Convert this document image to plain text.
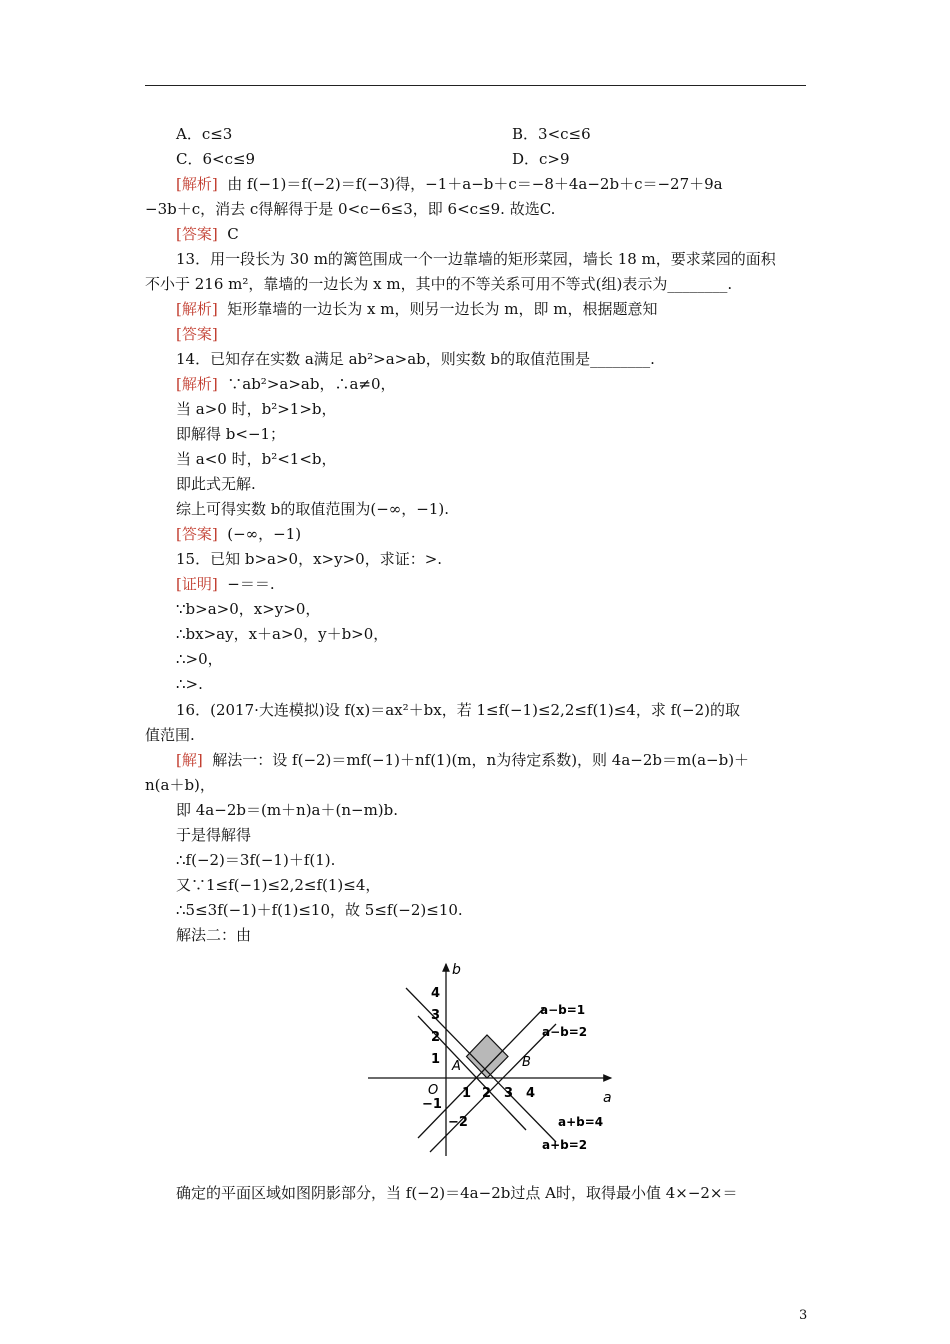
A．c≤3	B．3<c≤6
C．6<c≤9	D．c>9
[解析] 由 f(−1)＝f(−2)＝f(−3)得，−1＋a−b＋c＝−8＋4a−2b＋c＝−27＋9a
−3b＋c，消去 c得解得于是 0<c−6≤3，即 6<c≤9. 故选C.
[答案] C
13．用一段长为 30 m的篱笆围成一个一边靠墙的矩形菜园，墙长 18 m，要求菜园的面积
不小于 216 m²，靠墙的一边长为 x m，其中的不等关系可用不等式(组)表示为________.
[解析] 矩形靠墙的一边长为 x m，则另一边长为 m，即 m，根据题意知
[答案]
14．已知存在实数 a满足 ab²>a>ab，则实数 b的取值范围是________.
[解析] ∵ab²>a>ab，∴a≠0，
当 a>0 时，b²>1>b，
即解得 b<−1；
当 a<0 时，b²<1<b，
即此式无解.
综上可得实数 b的取值范围为(−∞，−1).
[答案] (−∞，−1)
15．已知 b>a>0，x>y>0，求证：>.
[证明] −＝＝.
∵b>a>0，x>y>0，
∴bx>ay，x＋a>0，y＋b>0，
∴>0，
∴>.
16．(2017·大连模拟)设 f(x)＝ax²＋bx，若 1≤f(−1)≤2,2≤f(1)≤4，求 f(−2)的取
值范围.
[解] 解法一：设 f(−2)＝mf(−1)＋nf(1)(m，n为待定系数)，则 4a−2b＝m(a−b)＋
n(a＋b)，
即 4a−2b＝(m＋n)a＋(n−m)b.
于是得解得
∴f(−2)＝3f(−1)＋f(1).
又∵1≤f(−1)≤2,2≤f(1)≤4，
∴5≤3f(−1)＋f(1)≤10，故 5≤f(−2)≤10.
解法二：由
a
b
O 1 2 3 4
1
2
3
4
−1
−2
A	B
a−b=1
a−b=2
a+b=4
a+b=2
确定的平面区域如图阴影部分，当 f(−2)＝4a−2b过点 A时，取得最小值 4×−2×＝
3
